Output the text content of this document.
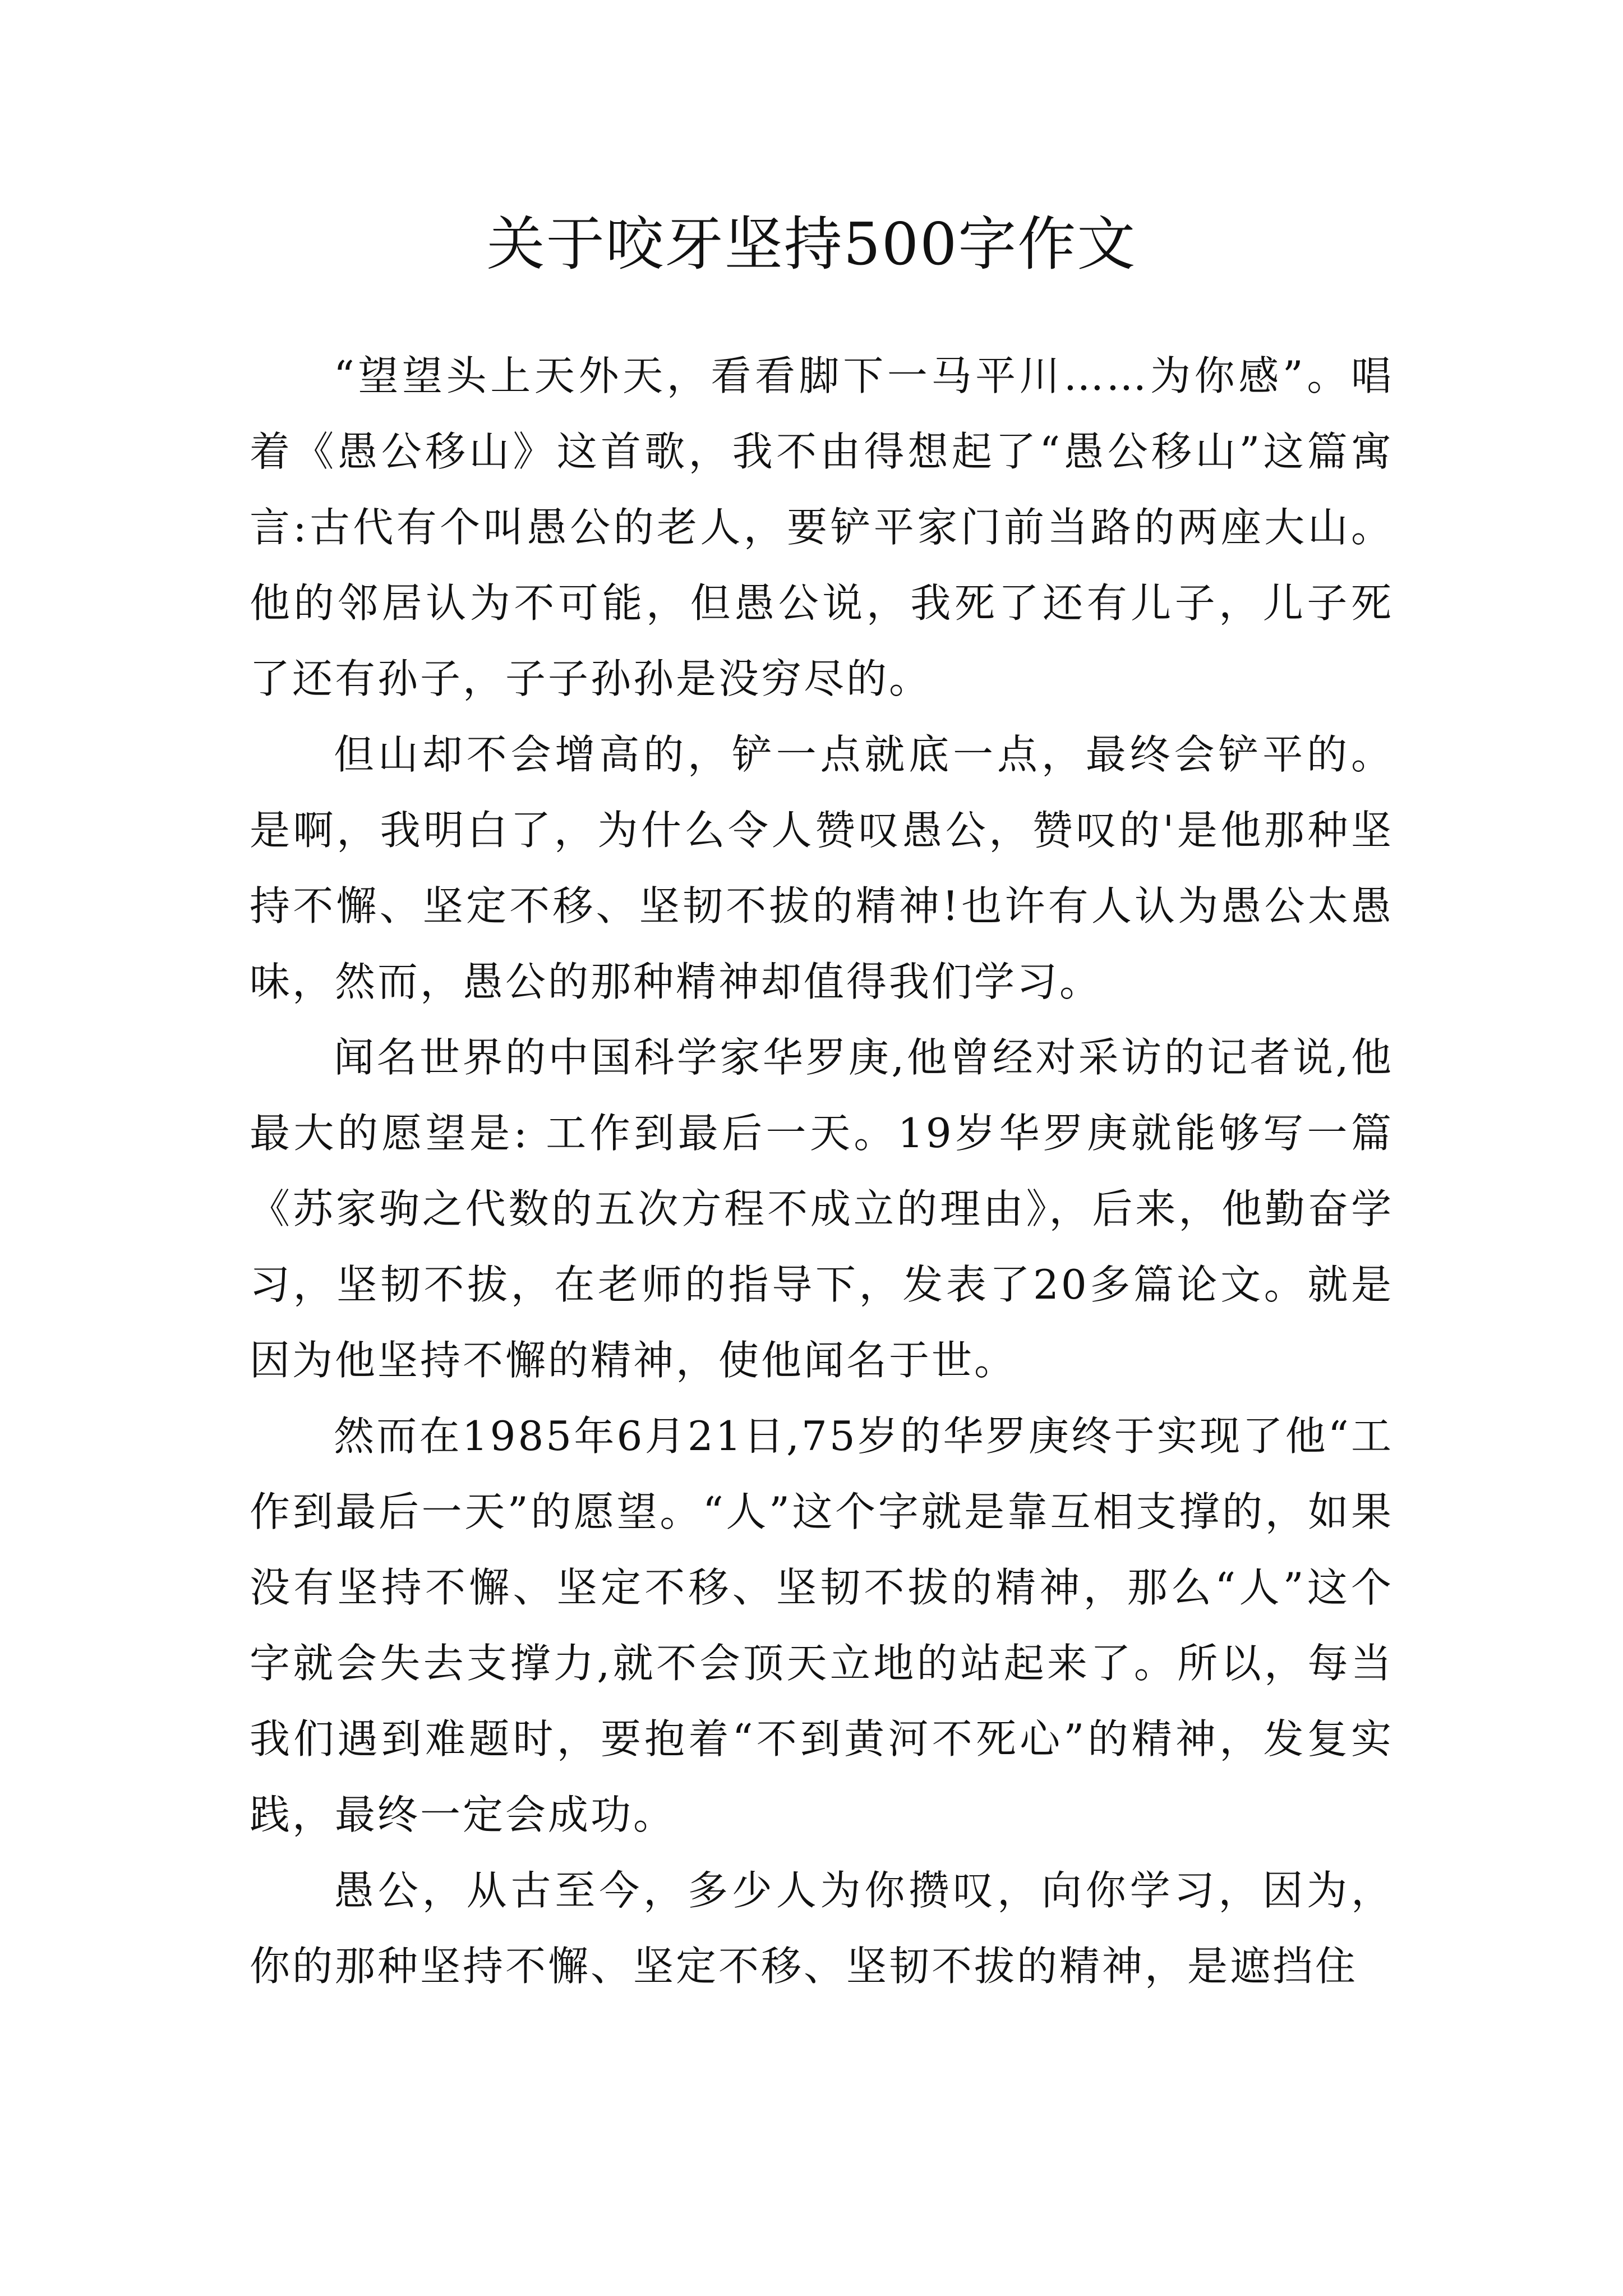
关于咬牙坚持500字作文

“望望头上天外天，看看脚下一马平川……为你感”。唱着《愚公移山》这首歌，我不由得想起了“愚公移山”这篇寓言:古代有个叫愚公的老人，要铲平家门前当路的两座大山。他的邻居认为不可能，但愚公说，我死了还有儿子，儿子死了还有孙子，子子孙孙是没穷尽的。

但山却不会增高的，铲一点就底一点，最终会铲平的。是啊，我明白了，为什么令人赞叹愚公，赞叹的'是他那种坚持不懈、坚定不移、坚韧不拔的精神!也许有人认为愚公太愚味，然而，愚公的那种精神却值得我们学习。

闻名世界的中国科学家华罗庚,他曾经对采访的记者说,他最大的愿望是: 工作到最后一天。19岁华罗庚就能够写一篇《苏家驹之代数的五次方程不成立的理由》，后来，他勤奋学习，坚韧不拔，在老师的指导下，发表了20多篇论文。就是因为他坚持不懈的精神，使他闻名于世。

然而在1985年6月21日,75岁的华罗庚终于实现了他“工作到最后一天”的愿望。“人”这个字就是靠互相支撑的，如果没有坚持不懈、坚定不移、坚韧不拔的精神，那么“人”这个字就会失去支撑力,就不会顶天立地的站起来了。所以，每当我们遇到难题时，要抱着“不到黄河不死心”的精神，发复实践，最终一定会成功。

愚公，从古至今，多少人为你攒叹，向你学习，因为，你的那种坚持不懈、坚定不移、坚韧不拔的精神，是遮挡住
